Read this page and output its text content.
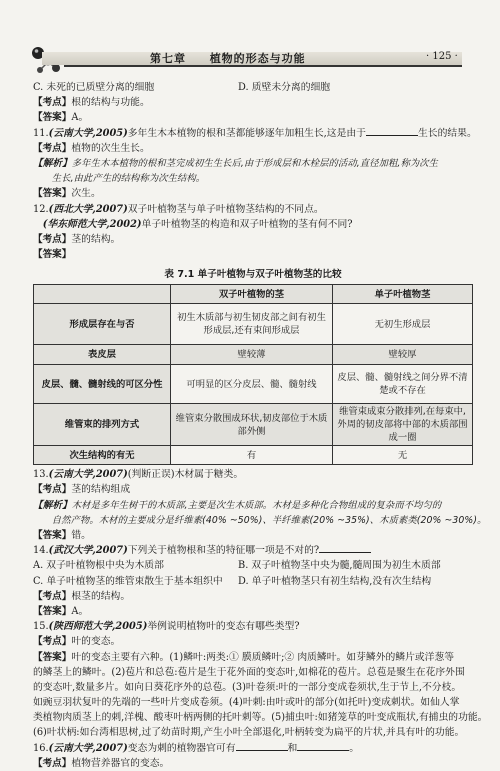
第七章 植物的形态与功能	· 125 ·
C. 未死的已质壁分离的细胞	D. 质壁未分离的细胞
【考点】根的结构与功能。
【答案】A。
11.(云南大学,2005)多年生木本植物的根和茎都能够逐年加粗生长,这是由于	生长的结果。
【考点】植物的次生生长。
【解析】多年生木本植物的根和茎完成初生生长后,由于形成层和木栓层的活动,直径加粗,称为次生
　　生长,由此产生的结构称为次生结构。
【答案】次生。
12.(西北大学,2007)双子叶植物茎与单子叶植物茎结构的不同点。
　(华东师范大学,2002)单子叶植物茎的构造和双子叶植物的茎有何不同?
【考点】茎的结构。
【答案】
表 7.1 单子叶植物与双子叶植物茎的比较
	双子叶植物的茎	单子叶植物茎
形成层存在与否	初生木质部与初生韧皮部之间有初生形成层,还有束间形成层	无初生形成层
表皮层	壁较薄	壁较厚
皮层、髓、髓射线的可区分性	可明显的区分皮层、髓、髓射线	皮层、髓、髓射线之间分界不清楚或不存在
维管束的排列方式	维管束分散围成环状,韧皮部位于木质部外侧	维管束成束分散排列,在每束中,外周的韧皮部将中部的木质部围成一圈
次生结构的有无	有	无
13.(云南大学,2007)(判断正误)木材属于糖类。
【考点】茎的结构组成
【解析】木材是多年生树干的木质部,主要是次生木质部。木材是多种化合物组成的复杂而不均匀的
　　自然产物。木材的主要成分是纤维素(40% ~50%)、半纤维素(20% ~35%)、木质素类(20% ~30%)。
【答案】错。
14.(武汉大学,2007)下列关于植物根和茎的特征哪一项是不对的?
A. 双子叶植物根中央为木质部	B. 双子叶植物茎中央为髓,髓周围为初生木质部
C. 单子叶植物茎的维管束散生于基本组织中 D. 单子叶植物茎只有初生结构,没有次生结构
【考点】根茎的结构。
【答案】A。
15.(陕西师范大学,2005)举例说明植物叶的变态有哪些类型?
【考点】叶的变态。
【答案】叶的变态主要有六种。(1)鳞叶:两类:① 膜质鳞叶;② 肉质鳞叶。如芽鳞外的鳞片或洋葱等
的鳞茎上的鳞叶。(2)苞片和总苞:苞片是生于花外面的变态叶,如棉花的苞片。总苞是聚生在花序外围
的变态叶,数量多片。如向日葵花序外的总苞。(3)叶卷须:叶的一部分变成卷须状,生于节上,不分枝。
如豌豆羽状复叶的先端的一些叶片变成卷须。(4)叶刺:由叶或叶的部分(如托叶)变成刺状。如仙人掌
类植物肉质茎上的刺,洋槐、酸枣叶柄两侧的托叶刺等。(5)捕虫叶:如猪笼草的叶变成瓶状,有捕虫的功能。
(6)叶状柄:如台湾相思树,过了幼苗时期,产生小叶全部退化,叶柄转变为扁平的片状,并具有叶的功能。
16.(云南大学,2007)变态为刺的植物器官可有	和	。
【考点】植物营养器官的变态。
